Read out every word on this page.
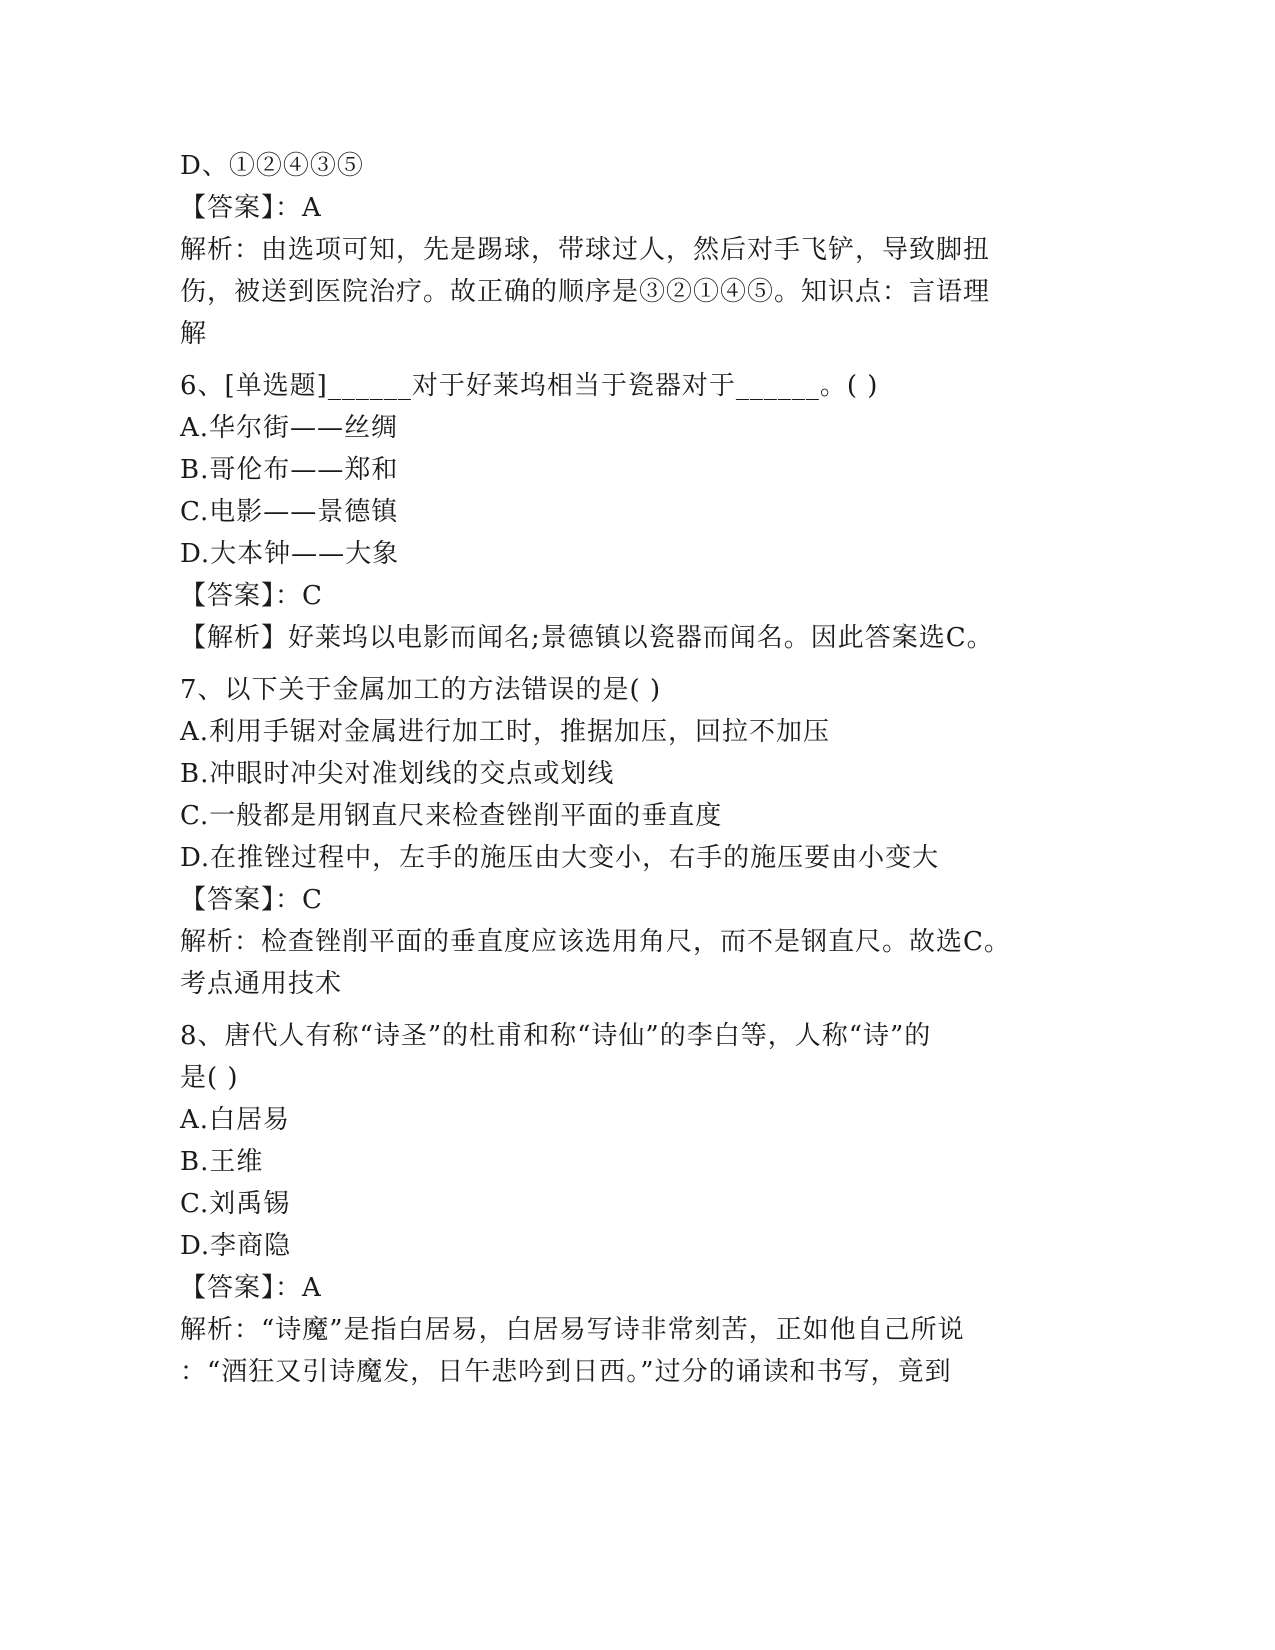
D、①②④③⑤
【答案】：A
解析：由选项可知，先是踢球，带球过人，然后对手飞铲，导致脚扭
伤，被送到医院治疗。故正确的顺序是③②①④⑤。知识点：言语理
解
6、[单选题]______对于好莱坞相当于瓷器对于______。( )
A.华尔街——丝绸
B.哥伦布——郑和
C.电影——景德镇
D.大本钟——大象
【答案】：C
【解析】好莱坞以电影而闻名;景德镇以瓷器而闻名。因此答案选C。
7、以下关于金属加工的方法错误的是( )
A.利用手锯对金属进行加工时，推据加压，回拉不加压
B.冲眼时冲尖对准划线的交点或划线
C.一般都是用钢直尺来检查锉削平面的垂直度
D.在推锉过程中，左手的施压由大变小，右手的施压要由小变大
【答案】：C
解析：检查锉削平面的垂直度应该选用角尺，而不是钢直尺。故选C。
考点通用技术
8、唐代人有称“诗圣”的杜甫和称“诗仙”的李白等，人称“诗”的
是( )
A.白居易
B.王维
C.刘禹锡
D.李商隐
【答案】：A
解析：“诗魔”是指白居易，白居易写诗非常刻苦，正如他自己所说
：“酒狂又引诗魔发，日午悲吟到日西。”过分的诵读和书写，竟到
